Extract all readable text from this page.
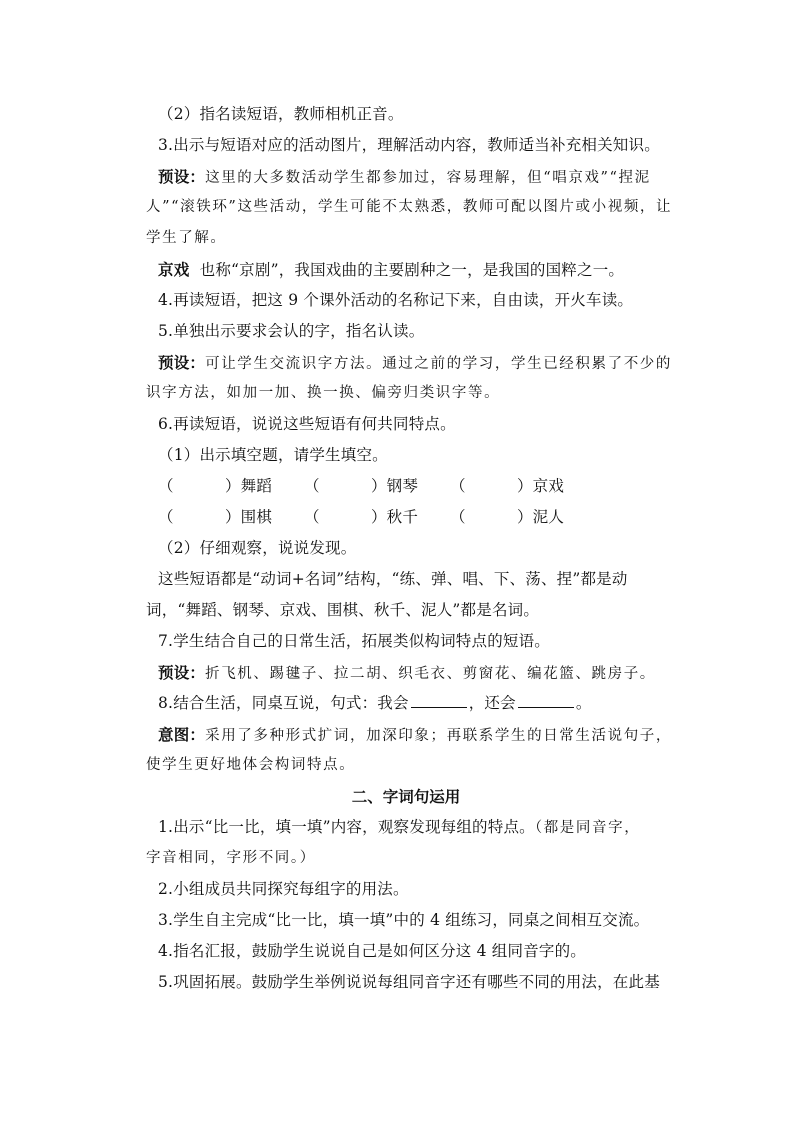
（2）指名读短语，教师相机正音。
3.出示与短语对应的活动图片，理解活动内容，教师适当补充相关知识。
预设：这里的大多数活动学生都参加过，容易理解，但“唱京戏”“捏泥
人”“滚铁环”这些活动，学生可能不太熟悉，教师可配以图片或小视频，让
学生了解。
京戏  也称“京剧”，我国戏曲的主要剧种之一，是我国的国粹之一。
4.再读短语，把这 9 个课外活动的名称记下来，自由读，开火车读。
5.单独出示要求会认的字，指名认读。
预设：可让学生交流识字方法。通过之前的学习，学生已经积累了不少的
识字方法，如加一加、换一换、偏旁归类识字等。
6.再读短语，说说这些短语有何共同特点。
（1）出示填空题，请学生填空。
（          ）舞蹈	（          ）钢琴	（          ）京戏
（          ）围棋	（          ）秋千	（          ）泥人
（2）仔细观察，说说发现。
这些短语都是“动词+名词”结构，“练、弹、唱、下、荡、捏”都是动
词，“舞蹈、钢琴、京戏、围棋、秋千、泥人”都是名词。
7.学生结合自己的日常生活，拓展类似构词特点的短语。
预设：折飞机、踢毽子、拉二胡、织毛衣、剪窗花、编花篮、跳房子。
8.结合生活，同桌互说，句式：我会	，还会	。
意图：采用了多种形式扩词，加深印象；再联系学生的日常生活说句子，
使学生更好地体会构词特点。
二、字词句运用
1.出示“比一比，填一填”内容，观察发现每组的特点。（都是同音字，
字音相同，字形不同。）
2.小组成员共同探究每组字的用法。
3.学生自主完成“比一比，填一填”中的 4 组练习，同桌之间相互交流。
4.指名汇报，鼓励学生说说自己是如何区分这 4 组同音字的。
5.巩固拓展。鼓励学生举例说说每组同音字还有哪些不同的用法，在此基
